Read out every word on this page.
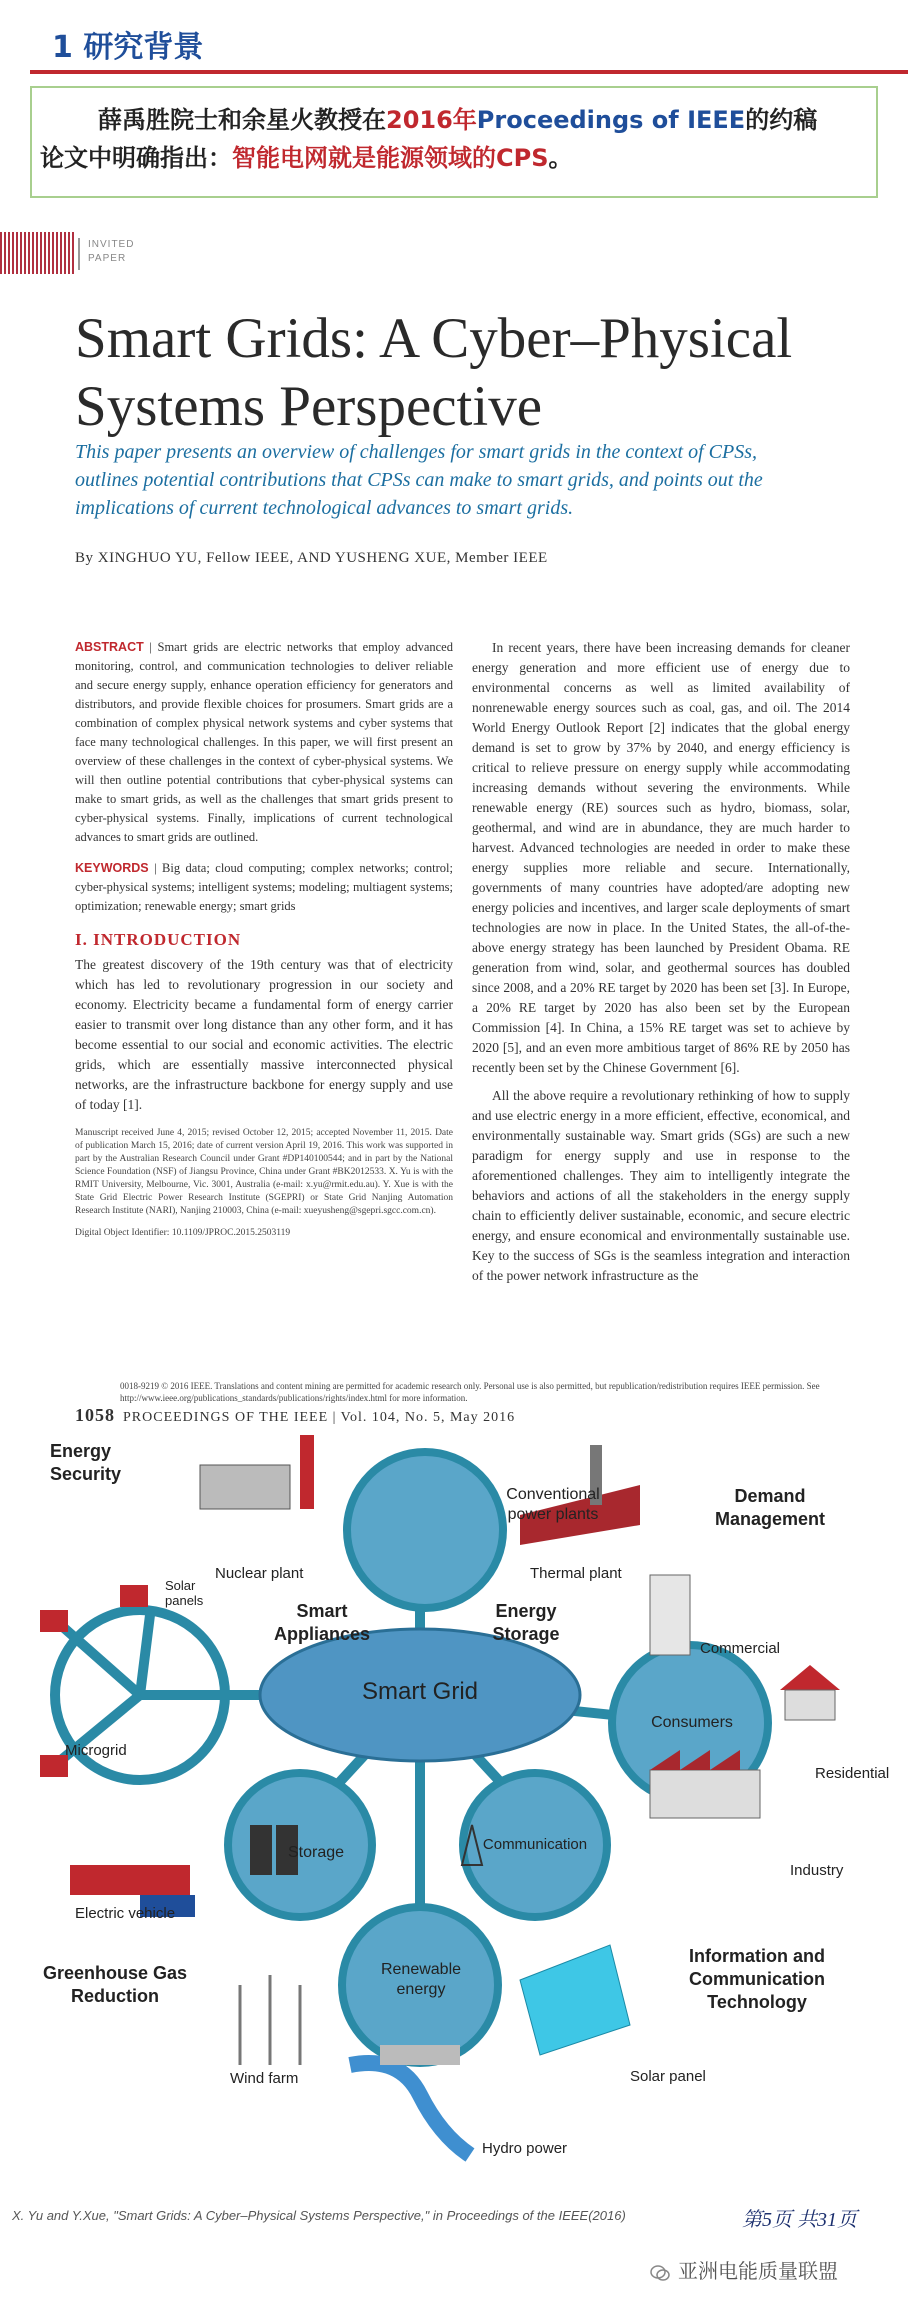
1 研究背景

薛禹胜院士和余星火教授在2016年Proceedings of IEEE的约稿

论文中明确指出：智能电网就是能源领域的CPS。

INVITED
PAPER
Smart Grids: A Cyber–Physical
Systems Perspective
This paper presents an overview of challenges for smart grids in the context of CPSs, outlines potential contributions that CPSs can make to smart grids, and points out the implications of current technological advances to smart grids.
By XINGHUO YU, Fellow IEEE, AND YUSHENG XUE, Member IEEE
ABSTRACT | Smart grids are electric networks that employ advanced monitoring, control, and communication technologies to deliver reliable and secure energy supply, enhance operation efficiency for generators and distributors, and provide flexible choices for prosumers. Smart grids are a combination of complex physical network systems and cyber systems that face many technological challenges. In this paper, we will first present an overview of these challenges in the context of cyber-physical systems. We will then outline potential contributions that cyber-physical systems can make to smart grids, as well as the challenges that smart grids present to cyber-physical systems. Finally, implications of current technological advances to smart grids are outlined.
KEYWORDS | Big data; cloud computing; complex networks; control; cyber-physical systems; intelligent systems; modeling; multiagent systems; optimization; renewable energy; smart grids
I. INTRODUCTION
The greatest discovery of the 19th century was that of electricity which has led to revolutionary progression in our society and economy. Electricity became a fundamental form of energy carrier easier to transmit over long distance than any other form, and it has become essential to our social and economic activities. The electric grids, which are essentially massive interconnected physical networks, are the infrastructure backbone for energy supply and use of today [1].
Manuscript received June 4, 2015; revised October 12, 2015; accepted November 11, 2015. Date of publication March 15, 2016; date of current version April 19, 2016. This work was supported in part by the Australian Research Council under Grant #DP140100544; and in part by the National Science Foundation (NSF) of Jiangsu Province, China under Grant #BK2012533. X. Yu is with the RMIT University, Melbourne, Vic. 3001, Australia (e-mail: x.yu@rmit.edu.au). Y. Xue is with the State Grid Electric Power Research Institute (SGEPRI) or State Grid Nanjing Automation Research Institute (NARI), Nanjing 210003, China (e-mail: xueyusheng@sgepri.sgcc.com.cn).
Digital Object Identifier: 10.1109/JPROC.2015.2503119
In recent years, there have been increasing demands for cleaner energy generation and more efficient use of energy due to environmental concerns as well as limited availability of nonrenewable energy sources such as coal, gas, and oil. The 2014 World Energy Outlook Report [2] indicates that the global energy demand is set to grow by 37% by 2040, and energy efficiency is critical to relieve pressure on energy supply while accommodating increasing demands without severing the environments. While renewable energy (RE) sources such as hydro, biomass, solar, geothermal, and wind are in abundance, they are much harder to harvest. Advanced technologies are needed in order to make these energy supplies more reliable and secure. Internationally, governments of many countries have adopted/are adopting new energy policies and incentives, and larger scale deployments of smart technologies are now in place. In the United States, the all-of-the-above energy strategy has been launched by President Obama. RE generation from wind, solar, and geothermal sources has doubled since 2008, and a 20% RE target by 2020 has been set [3]. In Europe, a 20% RE target by 2020 has also been set by the European Commission [4]. In China, a 15% RE target was set to achieve by 2020 [5], and an even more ambitious target of 86% RE by 2050 has recently been set by the Chinese Government [6].
All the above require a revolutionary rethinking of how to supply and use electric energy in a more efficient, effective, economical, and environmentally sustainable way. Smart grids (SGs) are such a new paradigm for energy supply and use in response to the aforementioned challenges. They aim to intelligently integrate the behaviors and actions of all the stakeholders in the energy supply chain to efficiently deliver sustainable, economic, and secure electric energy, and ensure economical and environmentally sustainable use. Key to the success of SGs is the seamless integration and interaction of the power network infrastructure as the
0018-9219 © 2016 IEEE. Translations and content mining are permitted for academic research only. Personal use is also permitted, but republication/redistribution requires IEEE permission. See http://www.ieee.org/publications_standards/publications/rights/index.html for more information.
1058 PROCEEDINGS OF THE IEEE | Vol. 104, No. 5, May 2016
Conventional power plants
Smart Grid
Consumers
Communication
Storage
Renewable energy
Energy Security
Demand Management
Smart Appliances
Energy Storage
Greenhouse Gas Reduction
Information and Communication Technology
Nuclear plant	Thermal plant
Solar panels
Microgrid
Commercial
Residential
Industry
Electric vehicle
Wind farm	Solar panel
Hydro power
X. Yu and Y.Xue, "Smart Grids: A Cyber–Physical Systems Perspective," in Proceedings of the IEEE(2016)	第5页 共31页
亚洲电能质量联盟
